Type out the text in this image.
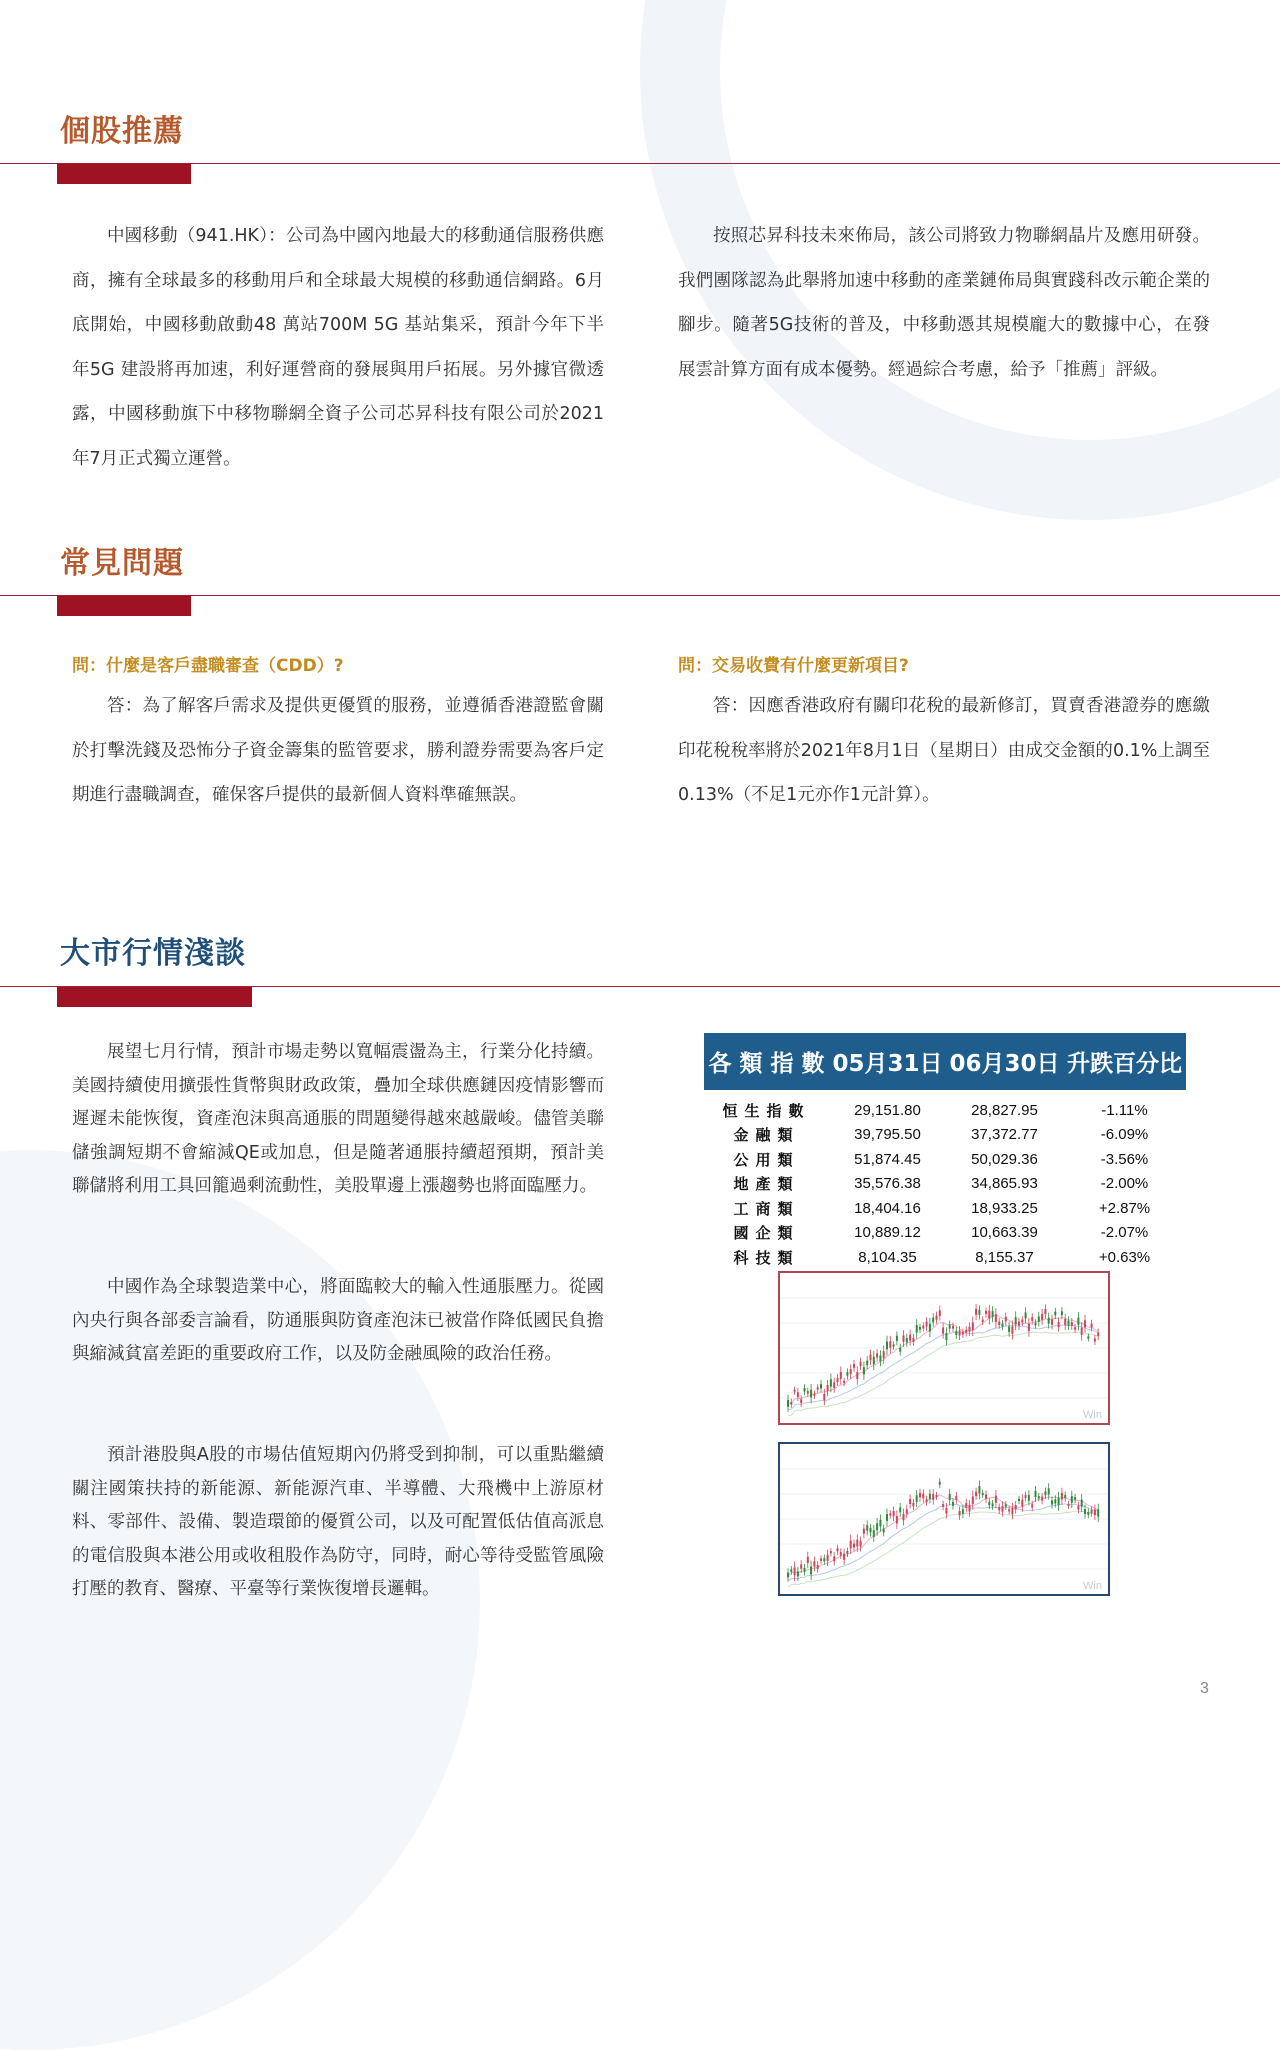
個股推薦

中國移動（941.HK）：公司為中國內地最大的移動通信服務供應商，擁有全球最多的移動用戶和全球最大規模的移動通信網路。6月底開始，中國移動啟動48 萬站700M 5G 基站集采，預計今年下半年5G 建設將再加速，利好運營商的發展與用戶拓展。另外據官微透露，中國移動旗下中移物聯網全資子公司芯昇科技有限公司於2021年7月正式獨立運營。

按照芯昇科技未來佈局，該公司將致力物聯網晶片及應用研發。我們團隊認為此舉將加速中移動的產業鏈佈局與實踐科改示範企業的腳步。隨著5G技術的普及，中移動憑其規模龐大的數據中心，在發展雲計算方面有成本優勢。經過綜合考慮，給予「推薦」評級。

常見問題

問：什麼是客戶盡職審查（CDD）?

答：為了解客戶需求及提供更優質的服務，並遵循香港證監會關於打擊洗錢及恐怖分子資金籌集的監管要求，勝利證券需要為客戶定期進行盡職調查，確保客戶提供的最新個人資料準確無誤。

問：交易收費有什麼更新項目?

答：因應香港政府有關印花稅的最新修訂，買賣香港證券的應繳印花稅稅率將於2021年8月1日（星期日）由成交金額的0.1%上調至0.13%（不足1元亦作1元計算）。

大市行情淺談

展望七月行情，預計市場走勢以寬幅震盪為主，行業分化持續。美國持續使用擴張性貨幣與財政政策，疊加全球供應鏈因疫情影響而遲遲未能恢復，資產泡沫與高通脹的問題變得越來越嚴峻。儘管美聯儲強調短期不會縮減QE或加息，但是隨著通脹持續超預期，預計美聯儲將利用工具回籠過剩流動性，美股單邊上漲趨勢也將面臨壓力。

中國作為全球製造業中心，將面臨較大的輸入性通脹壓力。從國內央行與各部委言論看，防通脹與防資產泡沫已被當作降低國民負擔與縮減貧富差距的重要政府工作，以及防金融風險的政治任務。

預計港股與A股的市場估值短期內仍將受到抑制，可以重點繼續關注國策扶持的新能源、新能源汽車、半導體、大飛機中上游原材料、零部件、設備、製造環節的優質公司，以及可配置低估值高派息的電信股與本港公用或收租股作為防守，同時，耐心等待受監管風險打壓的教育、醫療、平臺等行業恢復增長邏輯。

各 類 指 數	05月31日	06月30日	升跌百分比

恒生指數	29,151.80	28,827.95	-1.11%
金融類	39,795.50	37,372.77	-6.09%
公用類	51,874.45	50,029.36	-3.56%
地產類	35,576.38	34,865.93	-2.00%
工商類	18,404.16	18,933.25	+2.87%
國企類	10,889.12	10,663.39	-2.07%
科技類	8,104.35	8,155.37	+0.63%
Win
Win

3
